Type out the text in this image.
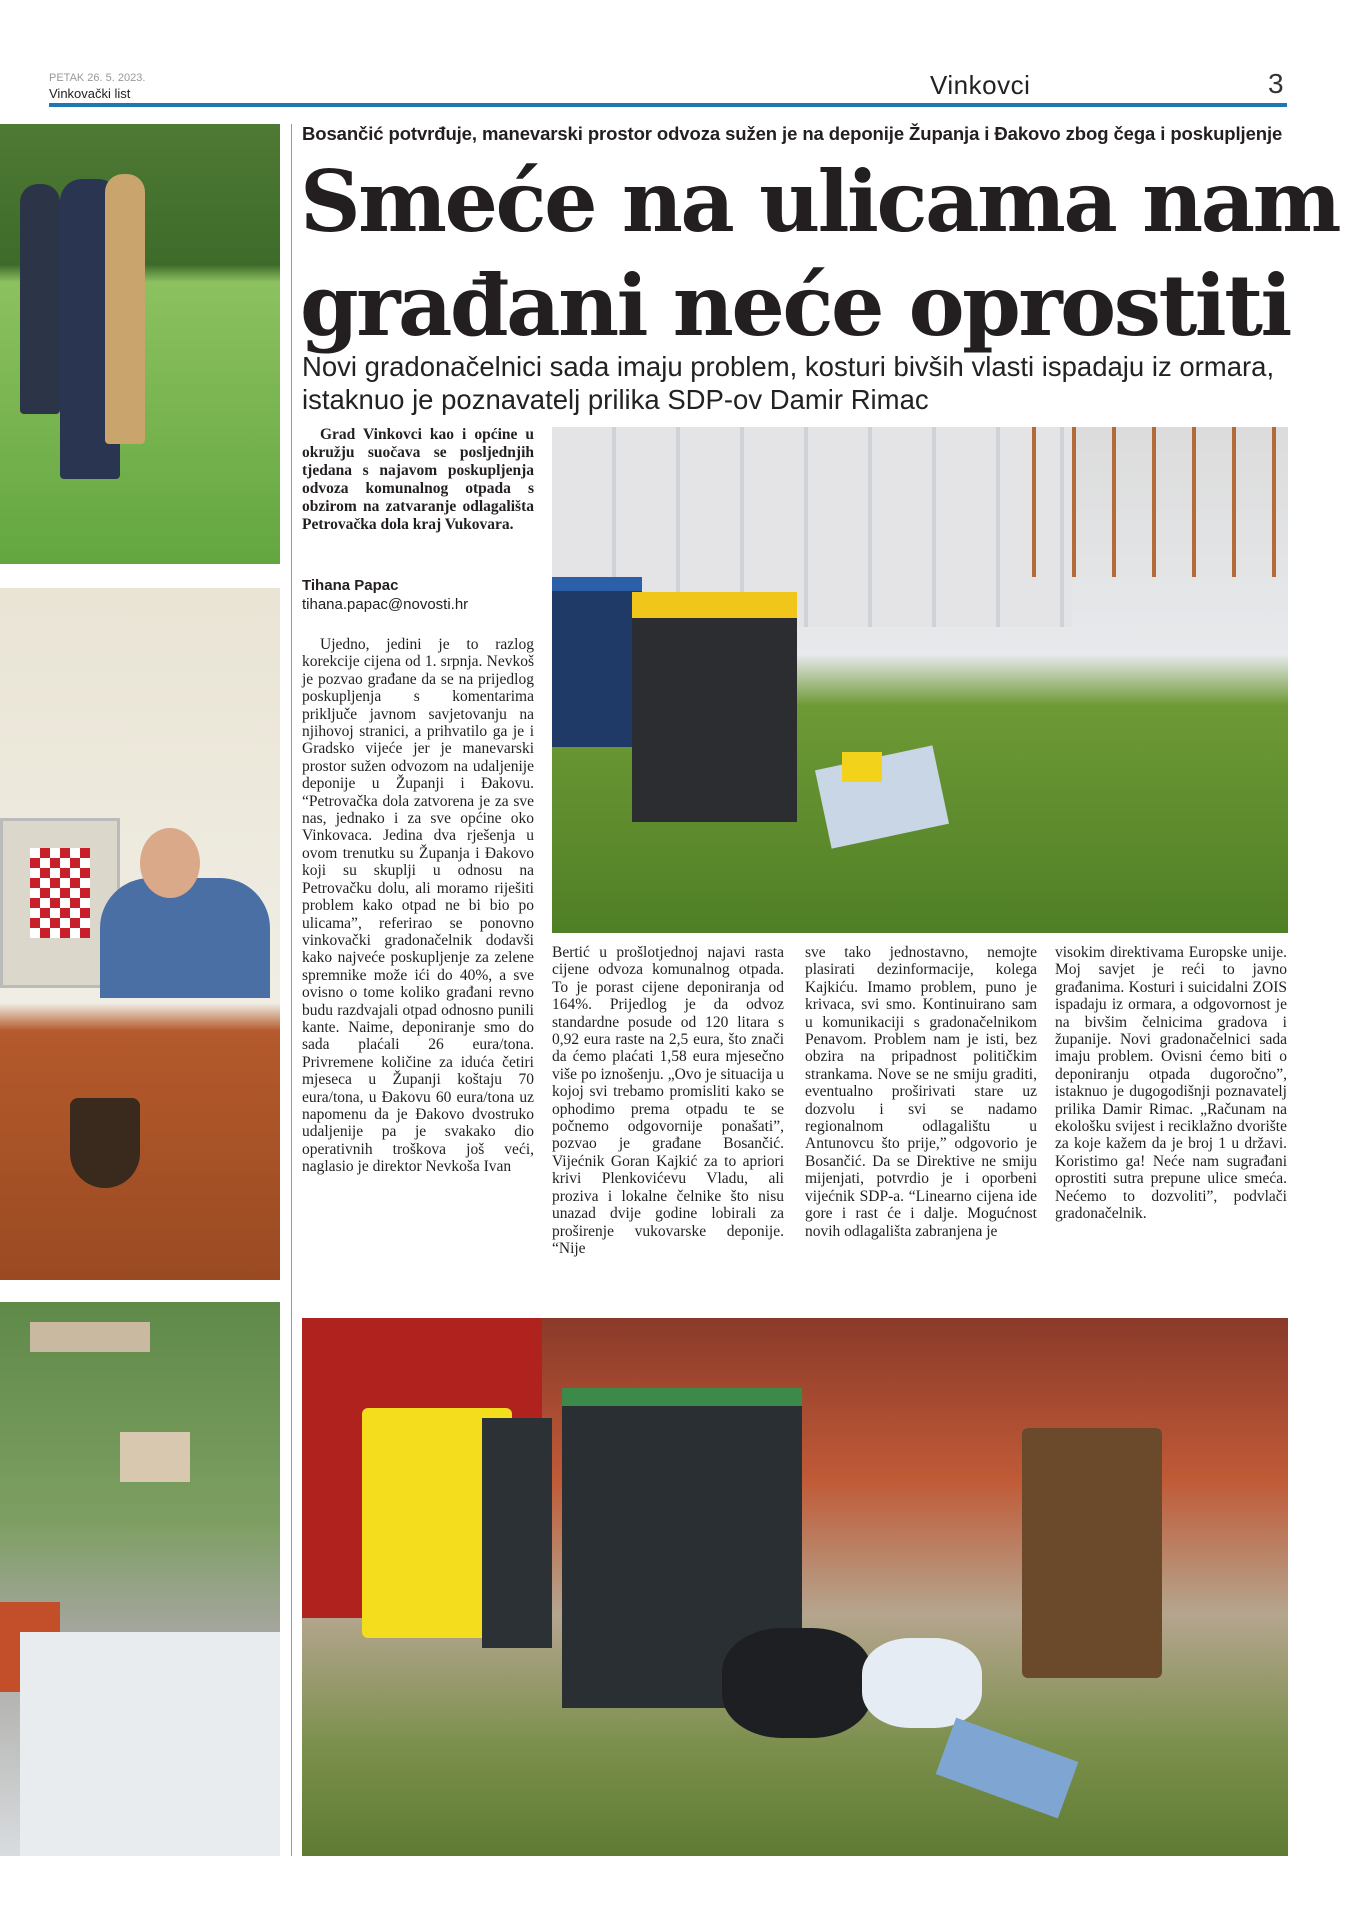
PETAK 26. 5. 2023.
Vinkovački list	Vinkovci	3
Bosančić potvrđuje, manevarski prostor odvoza sužen je na deponije Županja i Đakovo zbog čega i poskupljenje
Smeće na ulicama nam
građani neće oprostiti
Novi gradonačelnici sada imaju problem, kosturi bivših vlasti ispadaju iz ormara, istaknuo je poznavatelj prilika SDP-ov Damir Rimac
Grad Vinkovci kao i općine u okružju suočava se posljednjih tjedana s najavom poskupljenja odvoza komunalnog otpada s obzirom na zatvaranje odlagališta Petrovačka dola kraj Vukovara.
Tihana Papac
tihana.papac@novosti.hr
Ujedno, jedini je to razlog korekcije cijena od 1. srpnja. Nevkoš je pozvao građane da se na prijedlog poskupljenja s komentarima priključe javnom savjetovanju na njihovoj stranici, a prihvatilo ga je i Gradsko vijeće jer je manevarski prostor sužen odvozom na udaljenije deponije u Županji i Đakovu. “Petrovačka dola zatvorena je za sve nas, jednako i za sve općine oko Vinkovaca. Jedina dva rješenja u ovom trenutku su Županja i Đakovo koji su skuplji u odnosu na Petrovačku dolu, ali moramo riješiti problem kako otpad ne bi bio po ulicama”, referirao se ponovno vinkovački gradonačelnik dodavši kako najveće poskupljenje za zelene spremnike može ići do 40%, a sve ovisno o tome koliko građani revno budu razdvajali otpad odnosno punili kante. Naime, deponiranje smo do sada plaćali 26 eura/tona. Privremene količine za iduća četiri mjeseca u Županji koštaju 70 eura/tona, u Đakovu 60 eura/tona uz napomenu da je Đakovo dvostruko udaljenije pa je svakako dio operativnih troškova još veći, naglasio je direktor Nevkoša Ivan
Bertić u prošlotjednoj najavi rasta cijene odvoza komunalnog otpada. To je porast cijene deponiranja od 164%. Prijedlog je da odvoz standardne posude od 120 litara s 0,92 eura raste na 2,5 eura, što znači da ćemo plaćati 1,58 eura mjesečno više po iznošenju. „Ovo je situacija u kojoj svi trebamo promisliti kako se ophodimo prema otpadu te se počnemo odgovornije ponašati”, pozvao je građane Bosančić. Vijećnik Goran Kajkić za to apriori krivi Plenkovićevu Vladu, ali proziva i lokalne čelnike što nisu unazad dvije godine lobirali za proširenje vukovarske deponije. “Nije
sve tako jednostavno, nemojte plasirati dezinformacije, kolega Kajkiću. Imamo problem, puno je krivaca, svi smo. Kontinuirano sam u komunikaciji s gradonačelnikom Penavom. Problem nam je isti, bez obzira na pripadnost političkim strankama. Nove se ne smiju graditi, eventualno proširivati stare uz dozvolu i svi se nadamo regionalnom odlagalištu u Antunovcu što prije,” odgovorio je Bosančić. Da se Direktive ne smiju mijenjati, potvrdio je i oporbeni vijećnik SDP-a. “Linearno cijena ide gore i rast će i dalje. Mogućnost novih odlagališta zabranjena je
visokim direktivama Europske unije. Moj savjet je reći to javno građanima. Kosturi i suicidalni ZOIS ispadaju iz ormara, a odgovornost je na bivšim čelnicima gradova i županije. Novi gradonačelnici sada imaju problem. Ovisni ćemo biti o deponiranju otpada dugoročno”, istaknuo je dugogodišnji poznavatelj prilika Damir Rimac. „Računam na ekološku svijest i reciklažno dvorište za koje kažem da je broj 1 u državi. Koristimo ga! Neće nam sugrađani oprostiti sutra prepune ulice smeća. Nećemo to dozvoliti”, podvlači gradonačelnik.
